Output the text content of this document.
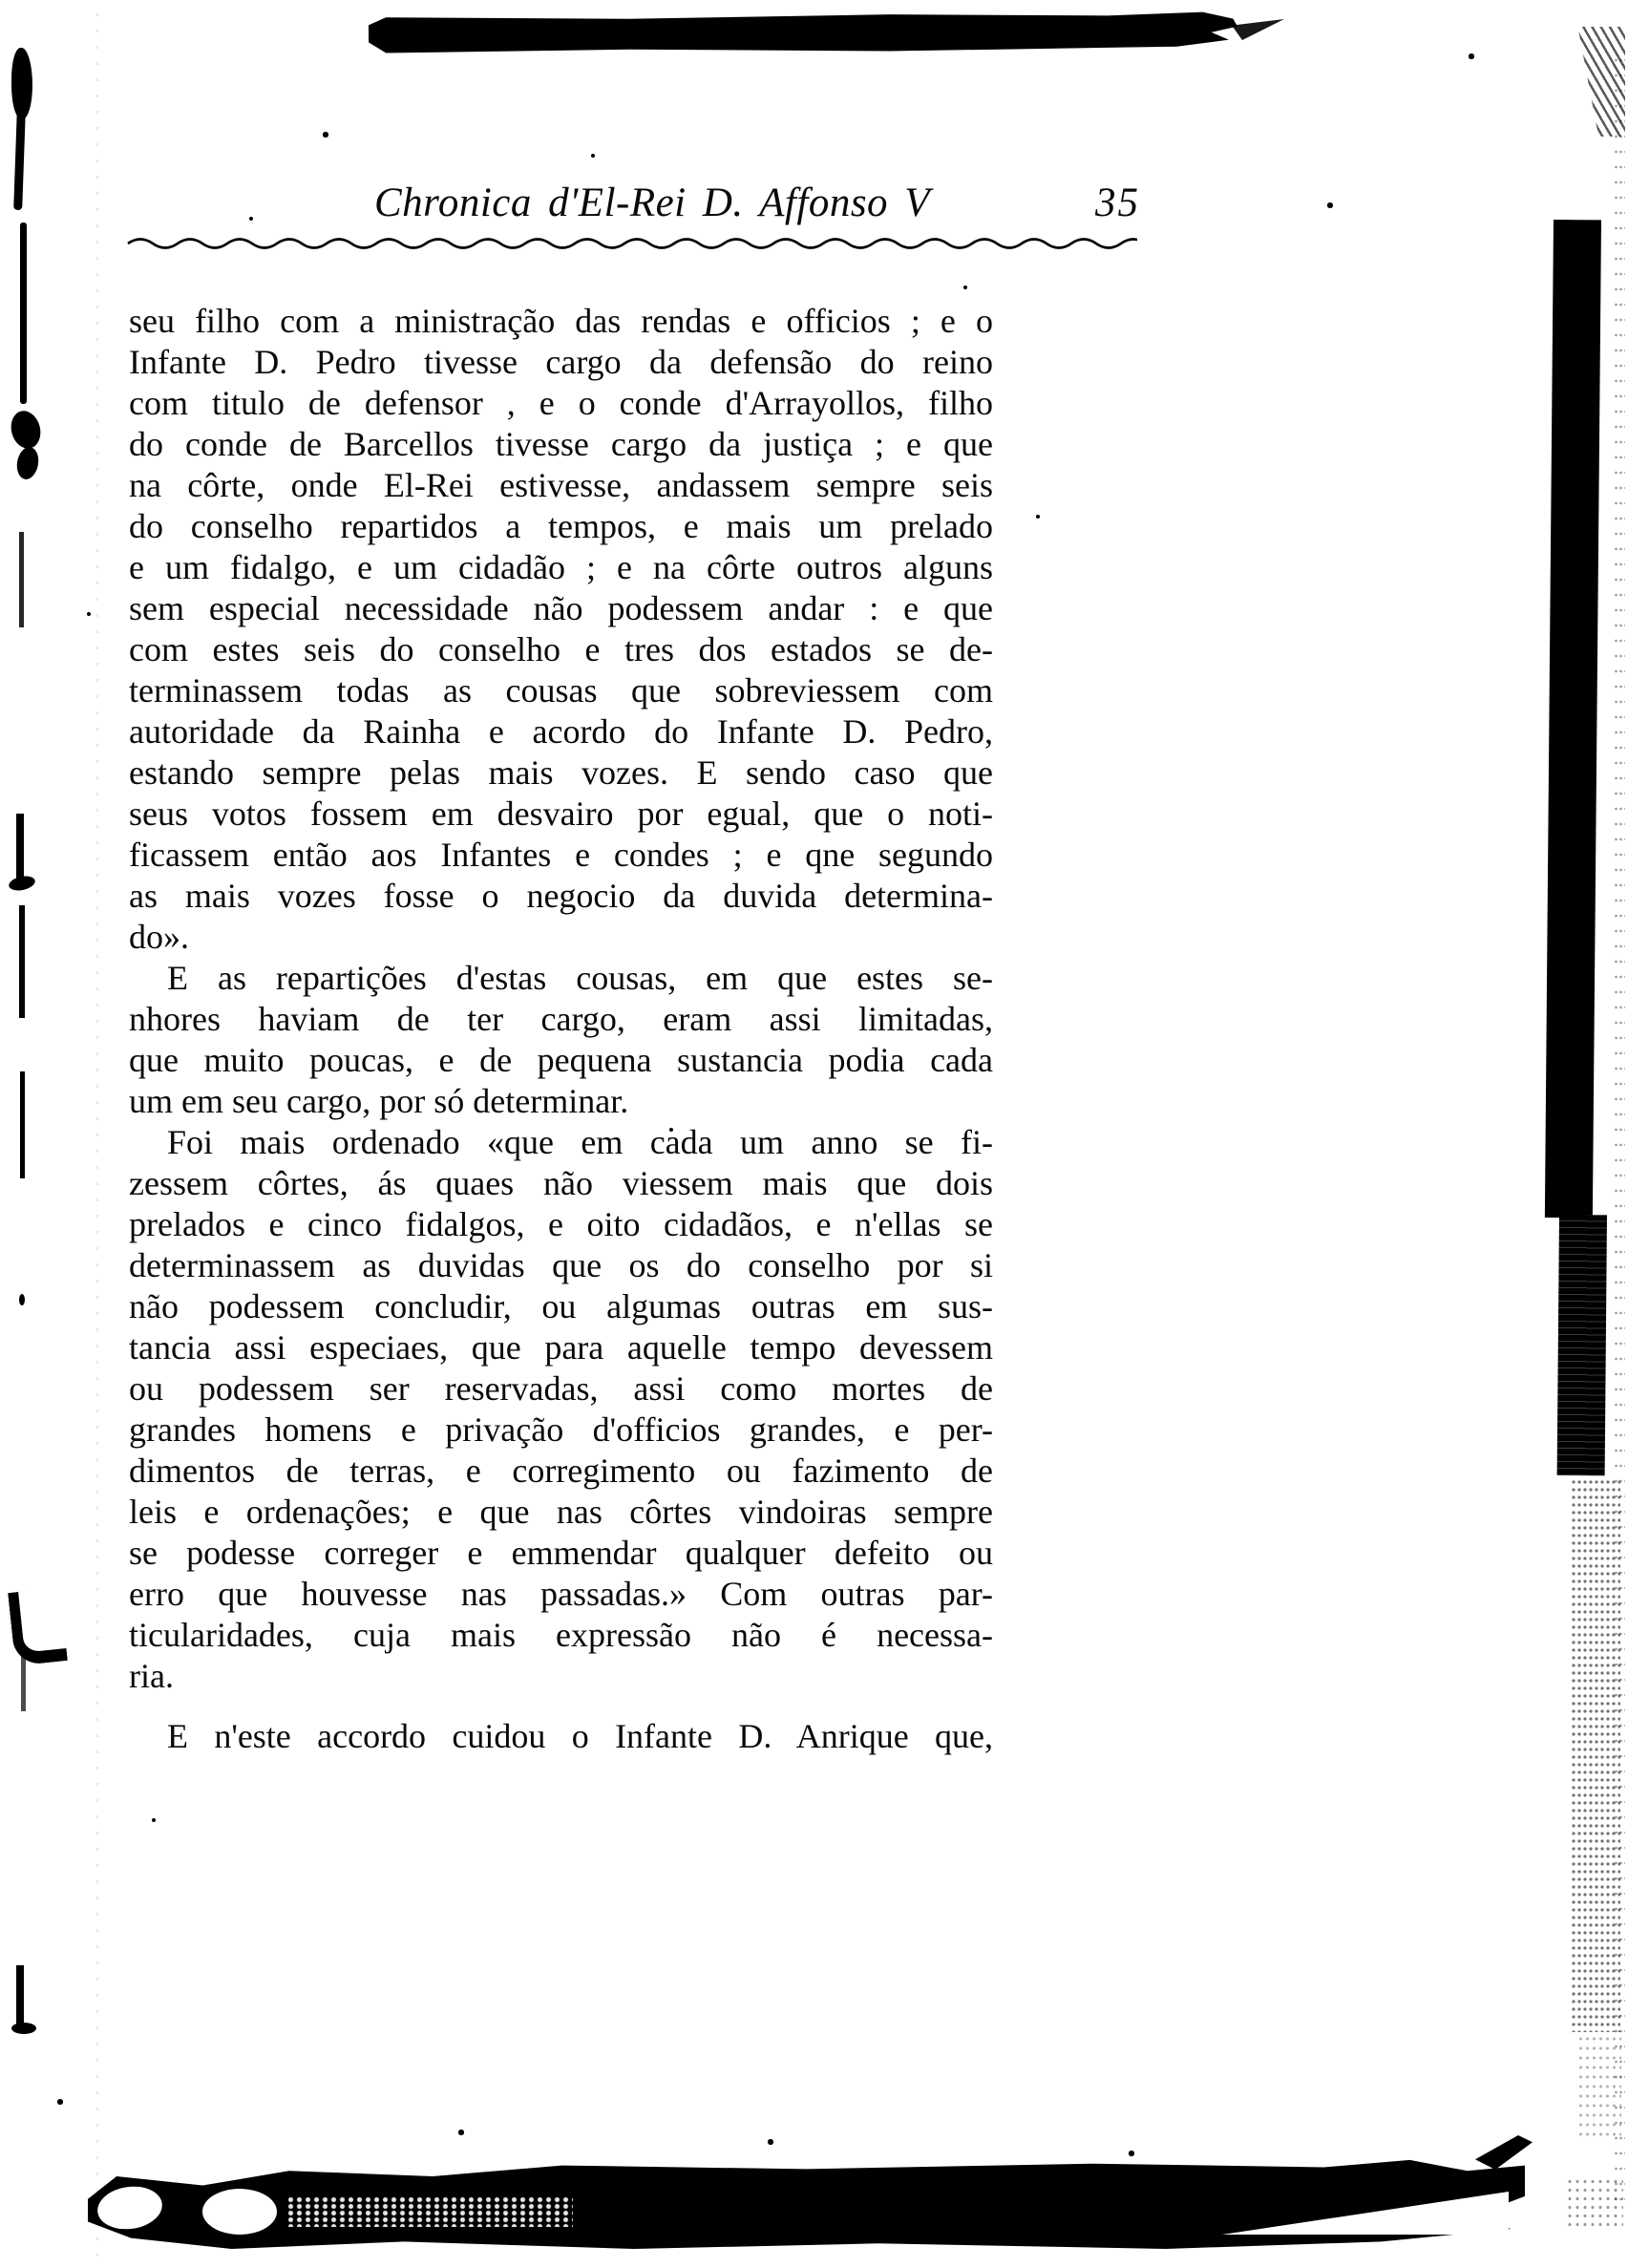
Chronica d'El-Rei D. Affonso V	35
seu filho com a ministração das rendas e officios ; e o
Infante D. Pedro tivesse cargo da defensão do reino
com titulo de defensor , e o conde d'Arrayollos, filho
do conde de Barcellos tivesse cargo da justiça ; e que
na côrte, onde El-Rei estivesse, andassem sempre seis
do conselho repartidos a tempos, e mais um prelado
e um fidalgo, e um cidadão ; e na côrte outros alguns
sem especial necessidade não podessem andar : e que
com estes seis do conselho e tres dos estados se de-
terminassem todas as cousas que sobreviessem com
autoridade da Rainha e acordo do Infante D. Pedro,
estando sempre pelas mais vozes. E sendo caso que
seus votos fossem em desvairo por egual, que o noti-
ficassem então aos Infantes e condes ; e qne segundo
as mais vozes fosse o negocio da duvida determina-
do».
E as repartições d'estas cousas, em que estes se-
nhores haviam de ter cargo, eram assi limitadas,
que muito poucas, e de pequena sustancia podia cada
um em seu cargo, por só determinar.
Foi mais ordenado «que em cada um anno se fi-
zessem côrtes, ás quaes não viessem mais que dois
prelados e cinco fidalgos, e oito cidadãos, e n'ellas se
determinassem as duvidas que os do conselho por si
não podessem concludir, ou algumas outras em sus-
tancia assi especiaes, que para aquelle tempo devessem
ou podessem ser reservadas, assi como mortes de
grandes homens e privação d'officios grandes, e per-
dimentos de terras, e corregimento ou fazimento de
leis e ordenações; e que nas côrtes vindoiras sempre
se podesse correger e emmendar qualquer defeito ou
erro que houvesse nas passadas.» Com outras par-
ticularidades, cuja mais expressão não é necessa-
ria.
E n'este accordo cuidou o Infante D. Anrique que,
